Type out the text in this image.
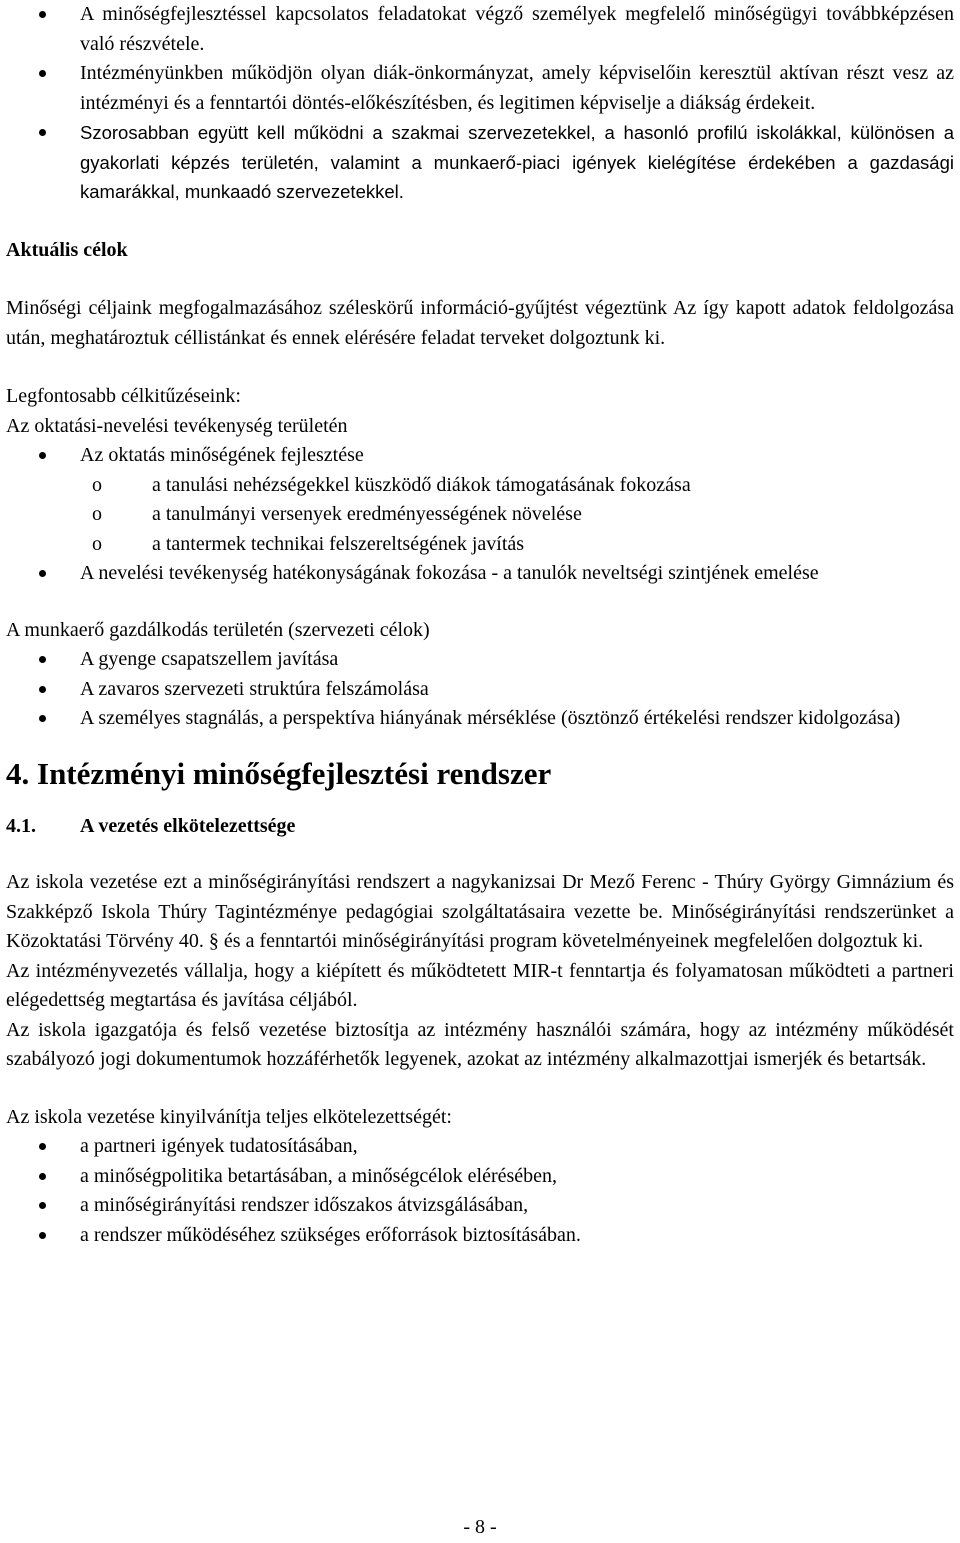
A minőségfejlesztéssel kapcsolatos feladatokat végző személyek megfelelő minőségügyi továbbképzésen való részvétele.
Intézményünkben működjön olyan diák-önkormányzat, amely képviselőin keresztül aktívan részt vesz az intézményi és a fenntartói döntés-előkészítésben, és legitimen képviselje a diákság érdekeit.
Szorosabban együtt kell működni a szakmai szervezetekkel, a hasonló profilú iskolákkal, különösen a gyakorlati képzés területén, valamint a munkaerő-piaci igények kielégítése érdekében a gazdasági kamarákkal, munkaadó szervezetekkel.

Aktuális célok

Minőségi céljaink megfogalmazásához széleskörű információ-gyűjtést végeztünk Az így kapott adatok feldolgozása után, meghatároztuk céllistánkat és ennek elérésére feladat terveket dolgoztunk ki.

Legfontosabb célkitűzéseink:

Az oktatási-nevelési tevékenység területén

Az oktatás minőségének fejlesztése
o	a tanulási nehézségekkel küszködő diákok támogatásának fokozása
o	a tanulmányi versenyek eredményességének növelése
o	a tantermek technikai felszereltségének javítás
A nevelési tevékenység hatékonyságának fokozása - a tanulók neveltségi szintjének emelése

A munkaerő gazdálkodás területén (szervezeti célok)

A gyenge csapatszellem javítása
A zavaros szervezeti struktúra felszámolása
A személyes stagnálás, a perspektíva hiányának mérséklése (ösztönző értékelési rendszer kidolgozása)

4. Intézményi minőségfejlesztési rendszer

4.1. A vezetés elkötelezettsége

Az iskola vezetése ezt a minőségirányítási rendszert a nagykanizsai Dr Mező Ferenc - Thúry György Gimnázium és Szakképző Iskola Thúry Tagintézménye pedagógiai szolgáltatásaira vezette be. Minőségirányítási rendszerünket a Közoktatási Törvény 40. § és a fenntartói minőségirányítási program követelményeinek megfelelően dolgoztuk ki.

Az intézményvezetés vállalja, hogy a kiépített és működtetett MIR-t fenntartja és folyamatosan működteti a partneri elégedettség megtartása és javítása céljából.

Az iskola igazgatója és felső vezetése biztosítja az intézmény használói számára, hogy az intézmény működését szabályozó jogi dokumentumok hozzáférhetők legyenek, azokat az intézmény alkalmazottjai ismerjék és betartsák.

Az iskola vezetése kinyilvánítja teljes elkötelezettségét:

a partneri igények tudatosításában,
a minőségpolitika betartásában, a minőségcélok elérésében,
a minőségirányítási rendszer időszakos átvizsgálásában,
a rendszer működéséhez szükséges erőforrások biztosításában.
- 8 -
